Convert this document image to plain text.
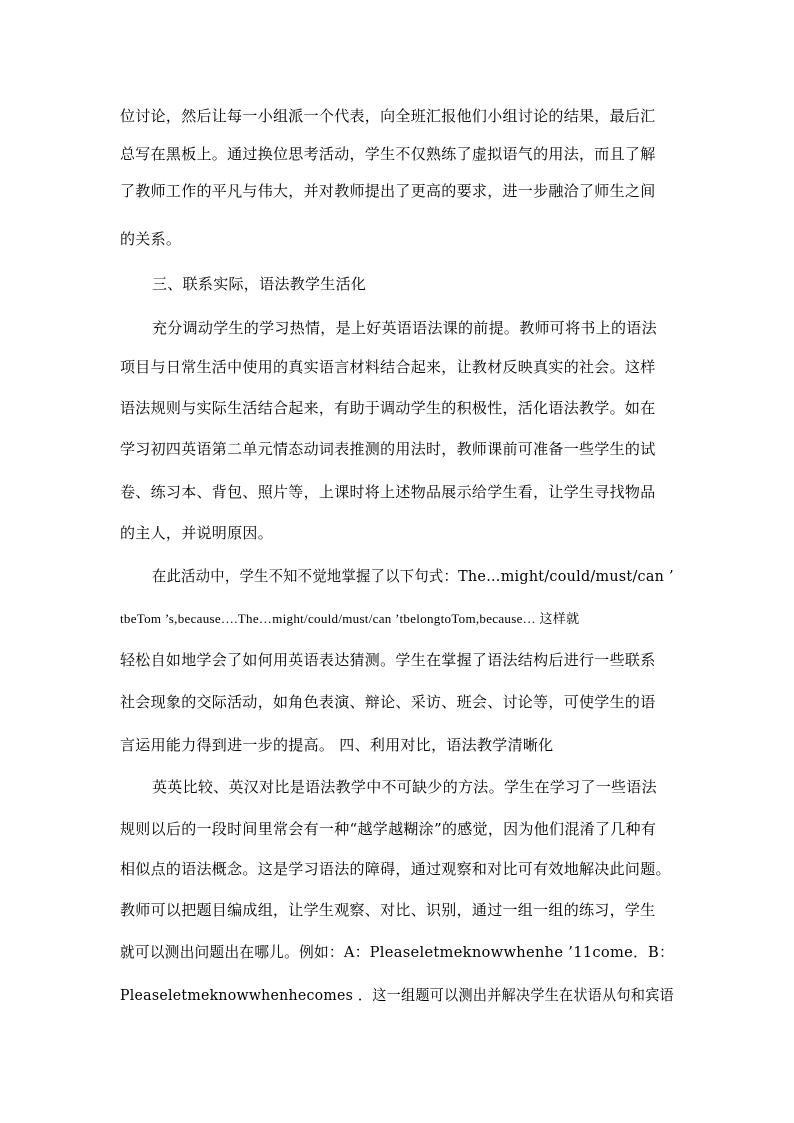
位讨论，然后让每一小组派一个代表，向全班汇报他们小组讨论的结果，最后汇
总写在黑板上。通过换位思考活动，学生不仅熟练了虚拟语气的用法，而且了解
了教师工作的平凡与伟大，并对教师提出了更高的要求，进一步融洽了师生之间
的关系。
三、联系实际，语法教学生活化
充分调动学生的学习热情，是上好英语语法课的前提。教师可将书上的语法
项目与日常生活中使用的真实语言材料结合起来，让教材反映真实的社会。这样
语法规则与实际生活结合起来，有助于调动学生的积极性，活化语法教学。如在
学习初四英语第二单元情态动词表推测的用法时，教师课前可准备一些学生的试
卷、练习本、背包、照片等，上课时将上述物品展示给学生看，让学生寻找物品
的主人，并说明原因。
在此活动中，学生不知不觉地掌握了以下句式：The…might/could/must/can ’
tbeTom ’s,because….The…might/could/must/can ’tbelongtoTom,because… 这样就
轻松自如地学会了如何用英语表达猜测。学生在掌握了语法结构后进行一些联系
社会现象的交际活动，如角色表演、辩论、采访、班会、讨论等，可使学生的语
言运用能力得到进一步的提高。 四、利用对比，语法教学清晰化
英英比较、英汉对比是语法教学中不可缺少的方法。学生在学习了一些语法
规则以后的一段时间里常会有一种“越学越糊涂”的感觉，因为他们混淆了几种有
相似点的语法概念。这是学习语法的障碍，通过观察和对比可有效地解决此问题。
教师可以把题目编成组，让学生观察、对比、识别，通过一组一组的练习，学生
就可以测出问题出在哪儿。例如：A：Pleaseletmeknowwhenhe ’11come．B：
Pleaseletmeknowwhenhecomes ．这一组题可以测出并解决学生在状语从句和宾语
